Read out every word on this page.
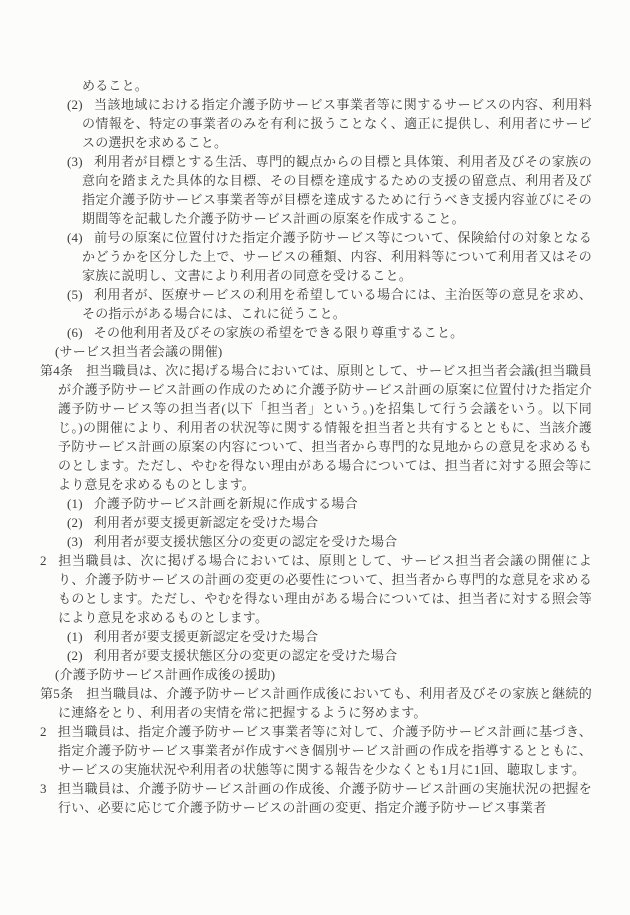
めること。
(2) 当該地域における指定介護予防サービス事業者等に関するサービスの内容、利用料の情報を、特定の事業者のみを有利に扱うことなく、適正に提供し、利用者にサービスの選択を求めること。
(3) 利用者が目標とする生活、専門的観点からの目標と具体策、利用者及びその家族の意向を踏まえた具体的な目標、その目標を達成するための支援の留意点、利用者及び指定介護予防サービス事業者等が目標を達成するために行うべき支援内容並びにその期間等を記載した介護予防サービス計画の原案を作成すること。
(4) 前号の原案に位置付けた指定介護予防サービス等について、保険給付の対象となるかどうかを区分した上で、サービスの種類、内容、利用料等について利用者又はその家族に説明し、文書により利用者の同意を受けること。
(5) 利用者が、医療サービスの利用を希望している場合には、主治医等の意見を求め、その指示がある場合には、これに従うこと。
(6) その他利用者及びその家族の希望をできる限り尊重すること。
(サービス担当者会議の開催)
第4条 担当職員は、次に掲げる場合においては、原則として、サービス担当者会議(担当職員が介護予防サービス計画の作成のために介護予防サービス計画の原案に位置付けた指定介護予防サービス等の担当者(以下「担当者」という。)を招集して行う会議をいう。以下同じ。)の開催により、利用者の状況等に関する情報を担当者と共有するとともに、当該介護予防サービス計画の原案の内容について、担当者から専門的な見地からの意見を求めるものとします。ただし、やむを得ない理由がある場合については、担当者に対する照会等により意見を求めるものとします。
(1) 介護予防サービス計画を新規に作成する場合
(2) 利用者が要支援更新認定を受けた場合
(3) 利用者が要支援状態区分の変更の認定を受けた場合
2 担当職員は、次に掲げる場合においては、原則として、サービス担当者会議の開催により、介護予防サービスの計画の変更の必要性について、担当者から専門的な意見を求めるものとします。ただし、やむを得ない理由がある場合については、担当者に対する照会等により意見を求めるものとします。
(1) 利用者が要支援更新認定を受けた場合
(2) 利用者が要支援状態区分の変更の認定を受けた場合
(介護予防サービス計画作成後の援助)
第5条 担当職員は、介護予防サービス計画作成後においても、利用者及びその家族と継続的に連絡をとり、利用者の実情を常に把握するように努めます。
2 担当職員は、指定介護予防サービス事業者等に対して、介護予防サービス計画に基づき、指定介護予防サービス事業者が作成すべき個別サービス計画の作成を指導するとともに、サービスの実施状況や利用者の状態等に関する報告を少なくとも1月に1回、聴取します。
3 担当職員は、介護予防サービス計画の作成後、介護予防サービス計画の実施状況の把握を行い、必要に応じて介護予防サービスの計画の変更、指定介護予防サービス事業者
